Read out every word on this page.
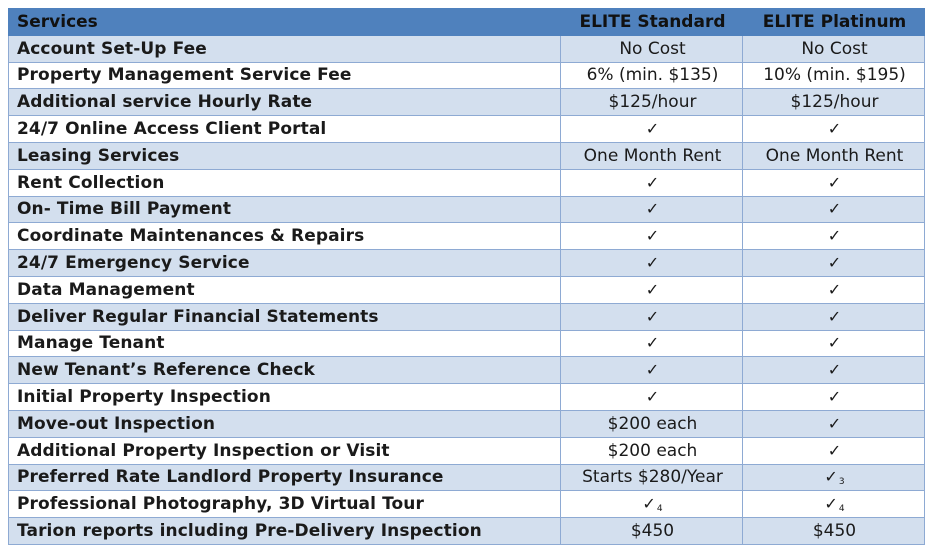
Services	ELITE Standard	ELITE Platinum
Account Set-Up Fee	No Cost	No Cost
Property Management Service Fee	6% (min. $135)	10% (min. $195)
Additional service Hourly Rate	$125/hour	$125/hour
24/7 Online Access Client Portal	✓	✓
Leasing Services	One Month Rent	One Month Rent
Rent Collection	✓	✓
On- Time Bill Payment	✓	✓
Coordinate Maintenances & Repairs	✓	✓
24/7 Emergency Service	✓	✓
Data Management	✓	✓
Deliver Regular Financial Statements	✓	✓
Manage Tenant	✓	✓
New Tenant’s Reference Check	✓	✓
Initial Property Inspection	✓	✓
Move-out Inspection	$200 each	✓
Additional Property Inspection or Visit	$200 each	✓
Preferred Rate Landlord Property Insurance	Starts $280/Year	✓3
Professional Photography, 3D Virtual Tour	✓4	✓4
Tarion reports including Pre-Delivery Inspection	$450	$450
